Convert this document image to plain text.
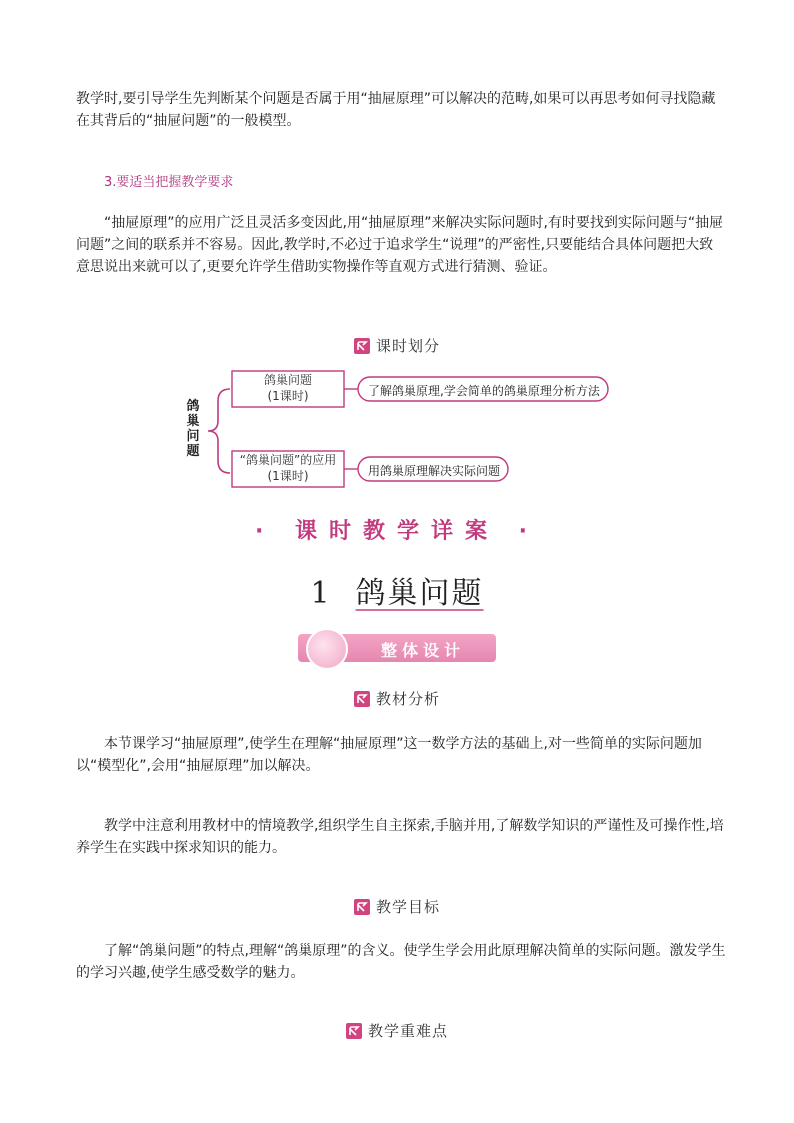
教学时,要引导学生先判断某个问题是否属于用“抽屉原理”可以解决的范畴,如果可以再思考如何寻找隐藏在其背后的“抽屉问题”的一般模型。

3.要适当把握教学要求

“抽屉原理”的应用广泛且灵活多变因此,用“抽屉原理”来解决实际问题时,有时要找到实际问题与“抽屉问题”之间的联系并不容易。因此,教学时,不必过于追求学生“说理”的严密性,只要能结合具体问题把大致意思说出来就可以了,更要允许学生借助实物操作等直观方式进行猜测、验证。

课时划分
鸽巢问题
鸽巢问题
(1课时)
“鸽巢问题”的应用
(1课时)
了解鸽巢原理,学会简单的鸽巢原理分析方法
用鸽巢原理解决实际问题
· 课时教学详案 ·
1 鸽巢问题
整体设计
教材分析

本节课学习“抽屉原理”,使学生在理解“抽屉原理”这一数学方法的基础上,对一些简单的实际问题加以“模型化”,会用“抽屉原理”加以解决。

教学中注意利用教材中的情境教学,组织学生自主探索,手脑并用,了解数学知识的严谨性及可操作性,培养学生在实践中探求知识的能力。

教学目标

了解“鸽巢问题”的特点,理解“鸽巢原理”的含义。使学生学会用此原理解决简单的实际问题。激发学生的学习兴趣,使学生感受数学的魅力。

教学重难点
